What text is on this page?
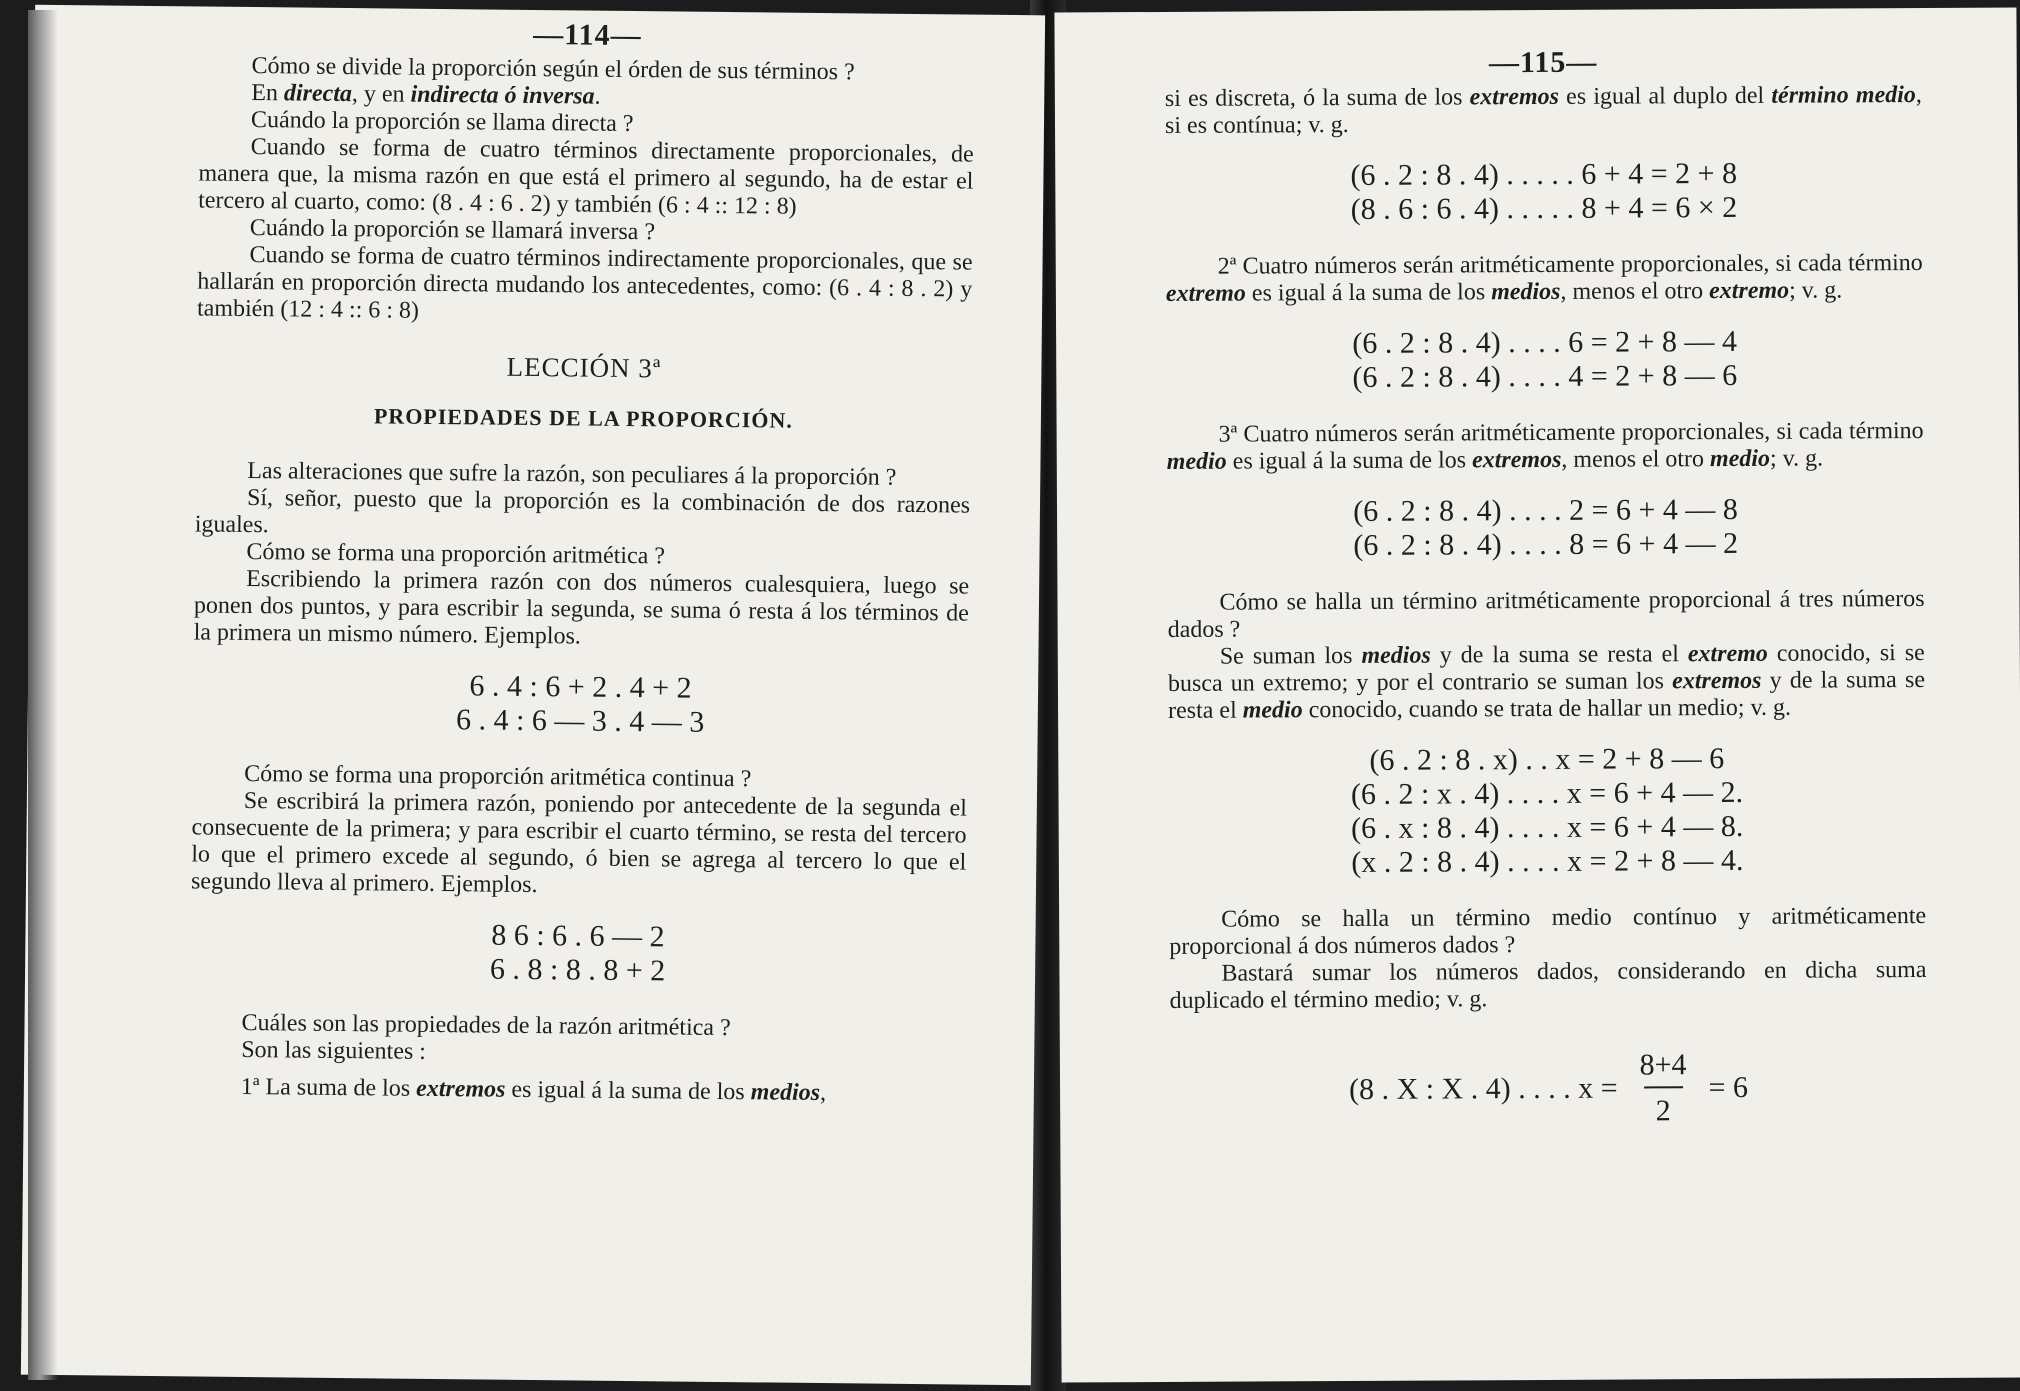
—114—

Cómo se divide la proporción según el órden de sus términos ?

En directa, y en indirecta ó inversa.

Cuándo la proporción se llama directa ?

Cuando se forma de cuatro términos directamente proporcionales, de manera que, la misma razón en que está el primero al segundo, ha de estar el tercero al cuarto, como: (8 . 4 : 6 . 2) y también (6 : 4 :: 12 : 8)

Cuándo la proporción se llamará inversa ?

Cuando se forma de cuatro términos indirectamente proporcionales, que se hallarán en proporción directa mudando los antecedentes, como: (6 . 4 : 8 . 2) y también (12 : 4 :: 6 : 8)

LECCIÓN 3ª
PROPIEDADES DE LA PROPORCIÓN.

Las alteraciones que sufre la razón, son peculiares á la proporción ?

Sí, señor, puesto que la proporción es la combinación de dos razones iguales.

Cómo se forma una proporción aritmética ?

Escribiendo la primera razón con dos números cualesquiera, luego se ponen dos puntos, y para escribir la segunda, se suma ó resta á los términos de la primera un mismo número. Ejemplos.

6 . 4 : 6 + 2 . 4 + 2
6 . 4 : 6 — 3 . 4 — 3

Cómo se forma una proporción aritmética continua ?

Se escribirá la primera razón, poniendo por antecedente de la segunda el consecuente de la primera; y para escribir el cuarto término, se resta del tercero lo que el primero excede al segundo, ó bien se agrega al tercero lo que el segundo lleva al primero. Ejemplos.

8 6 : 6 . 6 — 2
6 . 8 : 8 . 8 + 2

Cuáles son las propiedades de la razón aritmética ?

Son las siguientes :

1ª La suma de los extremos es igual á la suma de los medios,

—115—

si es discreta, ó la suma de los extremos es igual al duplo del término medio, si es contínua; v. g.

(6 . 2 : 8 . 4) . . . . . 6 + 4 = 2 + 8
(8 . 6 : 6 . 4) . . . . . 8 + 4 = 6 × 2

2ª Cuatro números serán aritméticamente proporcionales, si cada término extremo es igual á la suma de los medios, menos el otro extremo; v. g.

(6 . 2 : 8 . 4) . . . . 6 = 2 + 8 — 4
(6 . 2 : 8 . 4) . . . . 4 = 2 + 8 — 6

3ª Cuatro números serán aritméticamente proporcionales, si cada término medio es igual á la suma de los extremos, menos el otro medio; v. g.

(6 . 2 : 8 . 4) . . . . 2 = 6 + 4 — 8
(6 . 2 : 8 . 4) . . . . 8 = 6 + 4 — 2

Cómo se halla un término aritméticamente proporcional á tres números dados ?

Se suman los medios y de la suma se resta el extremo conocido, si se busca un extremo; y por el contrario se suman los extremos y de la suma se resta el medio conocido, cuando se trata de hallar un medio; v. g.

(6 . 2 : 8 . x) . . x = 2 + 8 — 6
(6 . 2 : x . 4) . . . . x = 6 + 4 — 2.
(6 . x : 8 . 4) . . . . x = 6 + 4 — 8.
(x . 2 : 8 . 4) . . . . x = 2 + 8 — 4.

Cómo se halla un término medio contínuo y aritméticamente proporcional á dos números dados ?

Bastará sumar los números dados, considerando en dicha suma duplicado el término medio; v. g.

(8 . X : X . 4) . . . . $x = \frac{8+4}{2} = 6$
